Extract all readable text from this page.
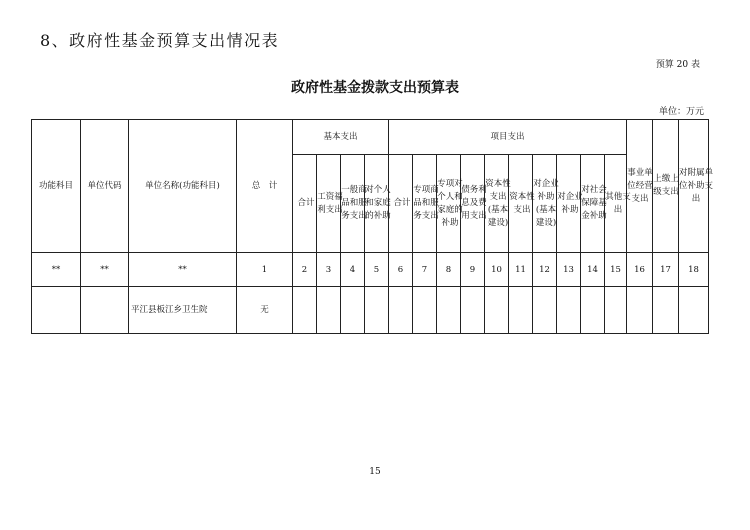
8、政府性基金预算支出情况表
预算 20 表
政府性基金拨款支出预算表
单位：万元
功能科目	单位代码	单位名称(功能科目)	总　计	基本支出				项目支出										事业单位经营支出	上缴上级支出	对附属单位补助支出
				合计	工资福利支出	一般商品和服务支出	对个人和家庭的补助	合计	专项商品和服务支出	专项对个人和家庭的补助	债务利息及费用支出	资本性支出(基本建设)	资本性支出	对企业补助(基本建设)	对企业补助	对社会保障基金补助	其他支出			
**	**	**	1	2	3	4	5	6	7	8	9	10	11	12	13	14	15	16	17	18
		平江县板江乡卫生院	无																	
15
